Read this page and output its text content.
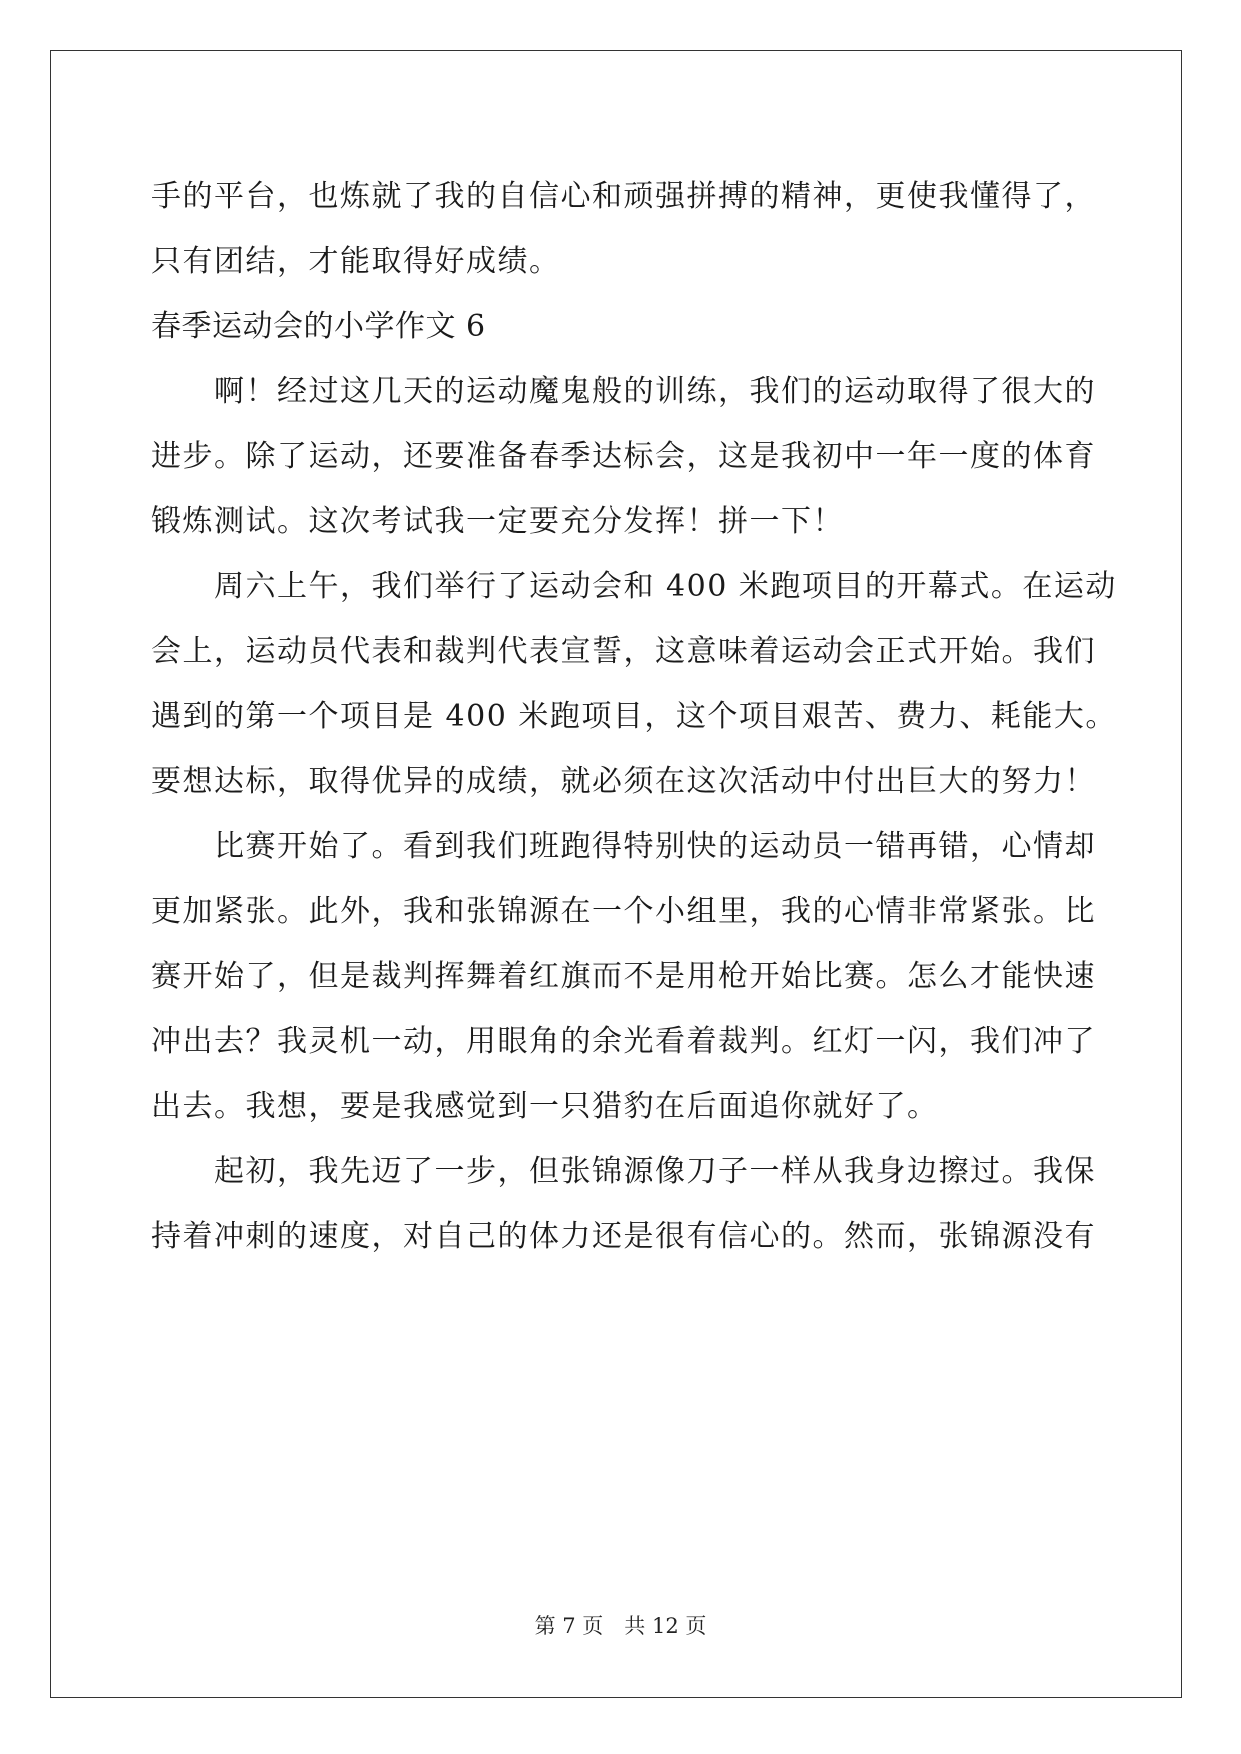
手的平台，也炼就了我的自信心和顽强拼搏的精神，更使我懂得了，
只有团结，才能取得好成绩。
春季运动会的小学作文 6
啊！经过这几天的运动魔鬼般的训练，我们的运动取得了很大的
进步。除了运动，还要准备春季达标会，这是我初中一年一度的体育
锻炼测试。这次考试我一定要充分发挥！拼一下！
周六上午，我们举行了运动会和 400 米跑项目的开幕式。在运动
会上，运动员代表和裁判代表宣誓，这意味着运动会正式开始。我们
遇到的第一个项目是 400 米跑项目，这个项目艰苦、费力、耗能大。
要想达标，取得优异的成绩，就必须在这次活动中付出巨大的努力！
比赛开始了。看到我们班跑得特别快的运动员一错再错，心情却
更加紧张。此外，我和张锦源在一个小组里，我的心情非常紧张。比
赛开始了，但是裁判挥舞着红旗而不是用枪开始比赛。怎么才能快速
冲出去？我灵机一动，用眼角的余光看着裁判。红灯一闪，我们冲了
出去。我想，要是我感觉到一只猎豹在后面追你就好了。
起初，我先迈了一步，但张锦源像刀子一样从我身边擦过。我保
持着冲刺的速度，对自己的体力还是很有信心的。然而，张锦源没有
第 7 页　共 12 页
